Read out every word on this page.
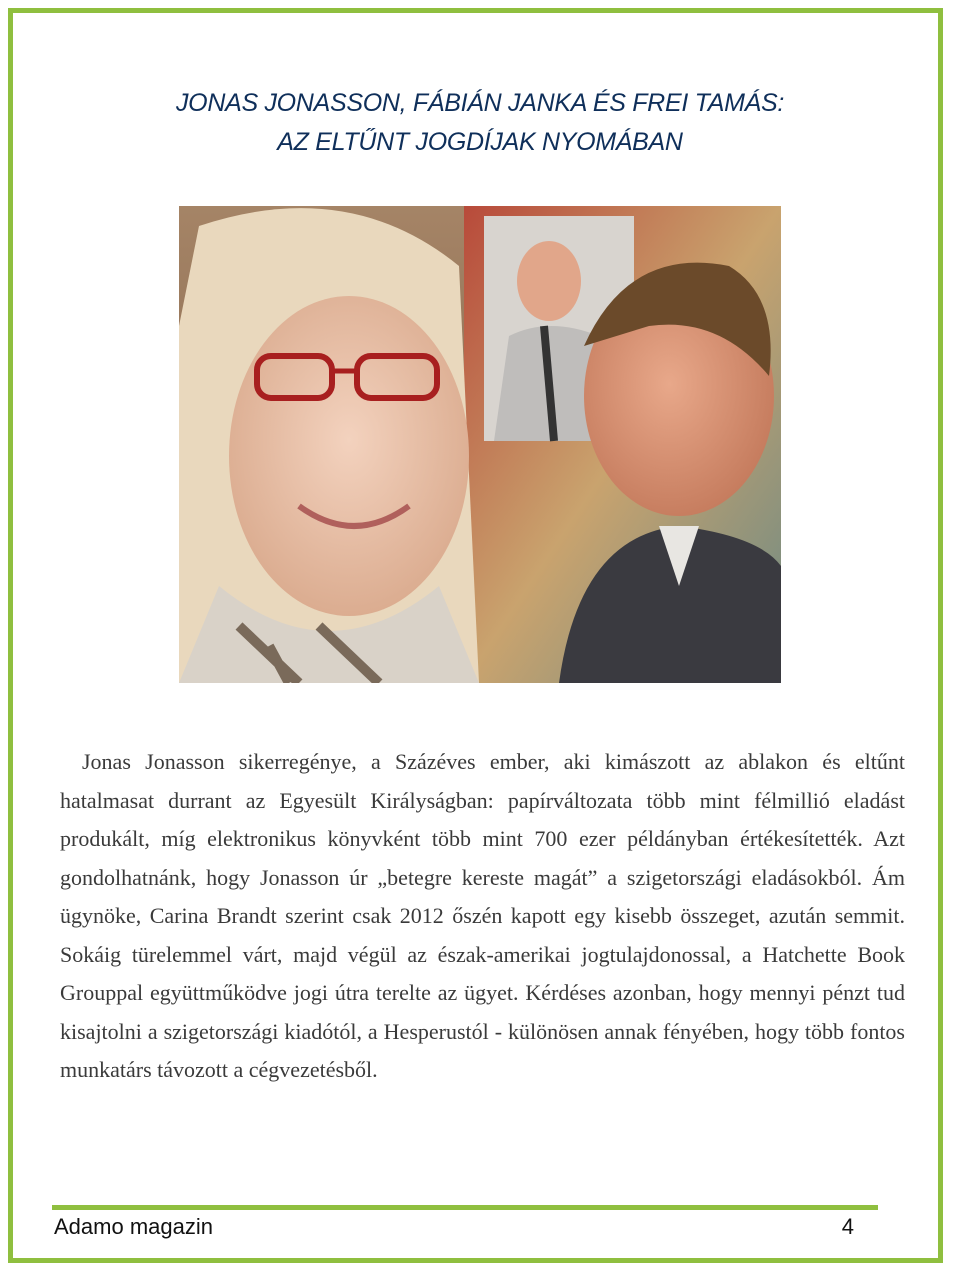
JONAS JONASSON, FÁBIÁN JANKA ÉS FREI TAMÁS:
AZ ELTŰNT JOGDÍJAK NYOMÁBAN

Jonas Jonasson sikerregénye, a Százéves ember, aki kimászott az ablakon és eltűnt hatalmasat durrant az Egyesült Királyságban: papírváltozata több mint félmillió eladást produkált, míg elektronikus könyvként több mint 700 ezer példányban értékesítették. Azt gondolhatnánk, hogy Jonasson úr „betegre kereste magát” a szigetországi eladásokból. Ám ügynöke, Carina Brandt szerint csak 2012 őszén kapott egy kisebb összeget, azután semmit. Sokáig türelemmel várt, majd végül az észak-amerikai jogtulajdonossal, a Hatchette Book Grouppal együttműködve jogi útra terelte az ügyet. Kérdéses azonban, hogy mennyi pénzt tud kisajtolni a szigetországi kiadótól, a Hesperustól - különösen annak fényében, hogy több fontos munkatárs távozott a cégvezetésből.

Adamo magazin	4
